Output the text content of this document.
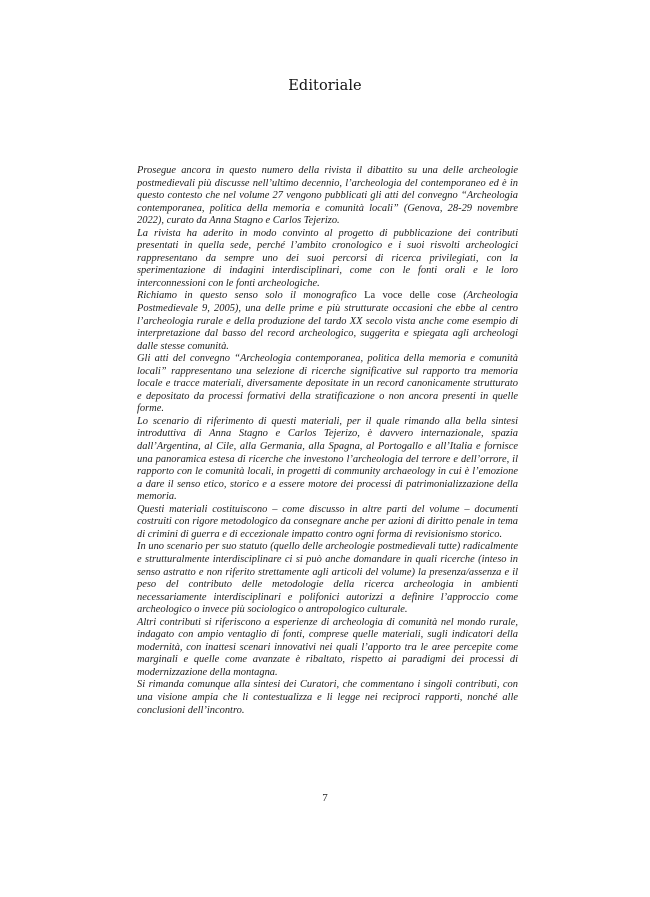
Editoriale

Prosegue ancora in questo numero della rivista il dibattito su una delle archeologie postmedievali più discusse nell’ultimo decennio, l’archeologia del contemporaneo ed è in questo contesto che nel volume 27 vengono pubblicati gli atti del convegno “Archeologia contemporanea, politica della memoria e comunità locali” (Genova, 28-29 novembre 2022), curato da Anna Stagno e Carlos Tejerizo.

La rivista ha aderito in modo convinto al progetto di pubblicazione dei contributi presentati in quella sede, perché l’ambito cronologico e i suoi risvolti archeologici rappresentano da sempre uno dei suoi percorsi di ricerca privilegiati, con la sperimentazione di indagini interdisciplinari, come con le fonti orali e le loro interconnessioni con le fonti archeologiche.

Richiamo in questo senso solo il monografico La voce delle cose (Archeologia Postmedievale 9, 2005), una delle prime e più strutturate occasioni che ebbe al centro l’archeologia rurale e della produzione del tardo XX secolo vista anche come esempio di interpretazione dal basso del record archeologico, suggerita e spiegata agli archeologi dalle stesse comunità.

Gli atti del convegno “Archeologia contemporanea, politica della memoria e comunità locali” rappresentano una selezione di ricerche significative sul rapporto tra memoria locale e tracce materiali, diversamente depositate in un record canonicamente strutturato e depositato da processi formativi della stratificazione o non ancora presenti in quelle forme.

Lo scenario di riferimento di questi materiali, per il quale rimando alla bella sintesi introduttiva di Anna Stagno e Carlos Tejerizo, è davvero internazionale, spazia dall’Argentina, al Cile, alla Germania, alla Spagna, al Portogallo e all’Italia e fornisce una panoramica estesa di ricerche che investono l’archeologia del terrore e dell’orrore, il rapporto con le comunità locali, in progetti di community archaeology in cui è l’emozione a dare il senso etico, storico e a essere motore dei processi di patrimonializzazione della memoria.

Questi materiali costituiscono – come discusso in altre parti del volume – documenti costruiti con rigore metodologico da consegnare anche per azioni di diritto penale in tema di crimini di guerra e di eccezionale impatto contro ogni forma di revisionismo storico.

In uno scenario per suo statuto (quello delle archeologie postmedievali tutte) radicalmente e strutturalmente interdisciplinare ci si può anche domandare in quali ricerche (inteso in senso astratto e non riferito strettamente agli articoli del volume) la presenza/assenza e il peso del contributo delle metodologie della ricerca archeologia in ambienti necessariamente interdisciplinari e polifonici autorizzi a definire l’approccio come archeologico o invece più sociologico o antropologico culturale.

Altri contributi si riferiscono a esperienze di archeologia di comunità nel mondo rurale, indagato con ampio ventaglio di fonti, comprese quelle materiali, sugli indicatori della modernità, con inattesi scenari innovativi nei quali l’apporto tra le aree percepite come marginali e quelle come avanzate è ribaltato, rispetto ai paradigmi dei processi di modernizzazione della montagna.

Si rimanda comunque alla sintesi dei Curatori, che commentano i singoli contributi, con una visione ampia che li contestualizza e li legge nei reciproci rapporti, nonché alle conclusioni dell’incontro.

7
